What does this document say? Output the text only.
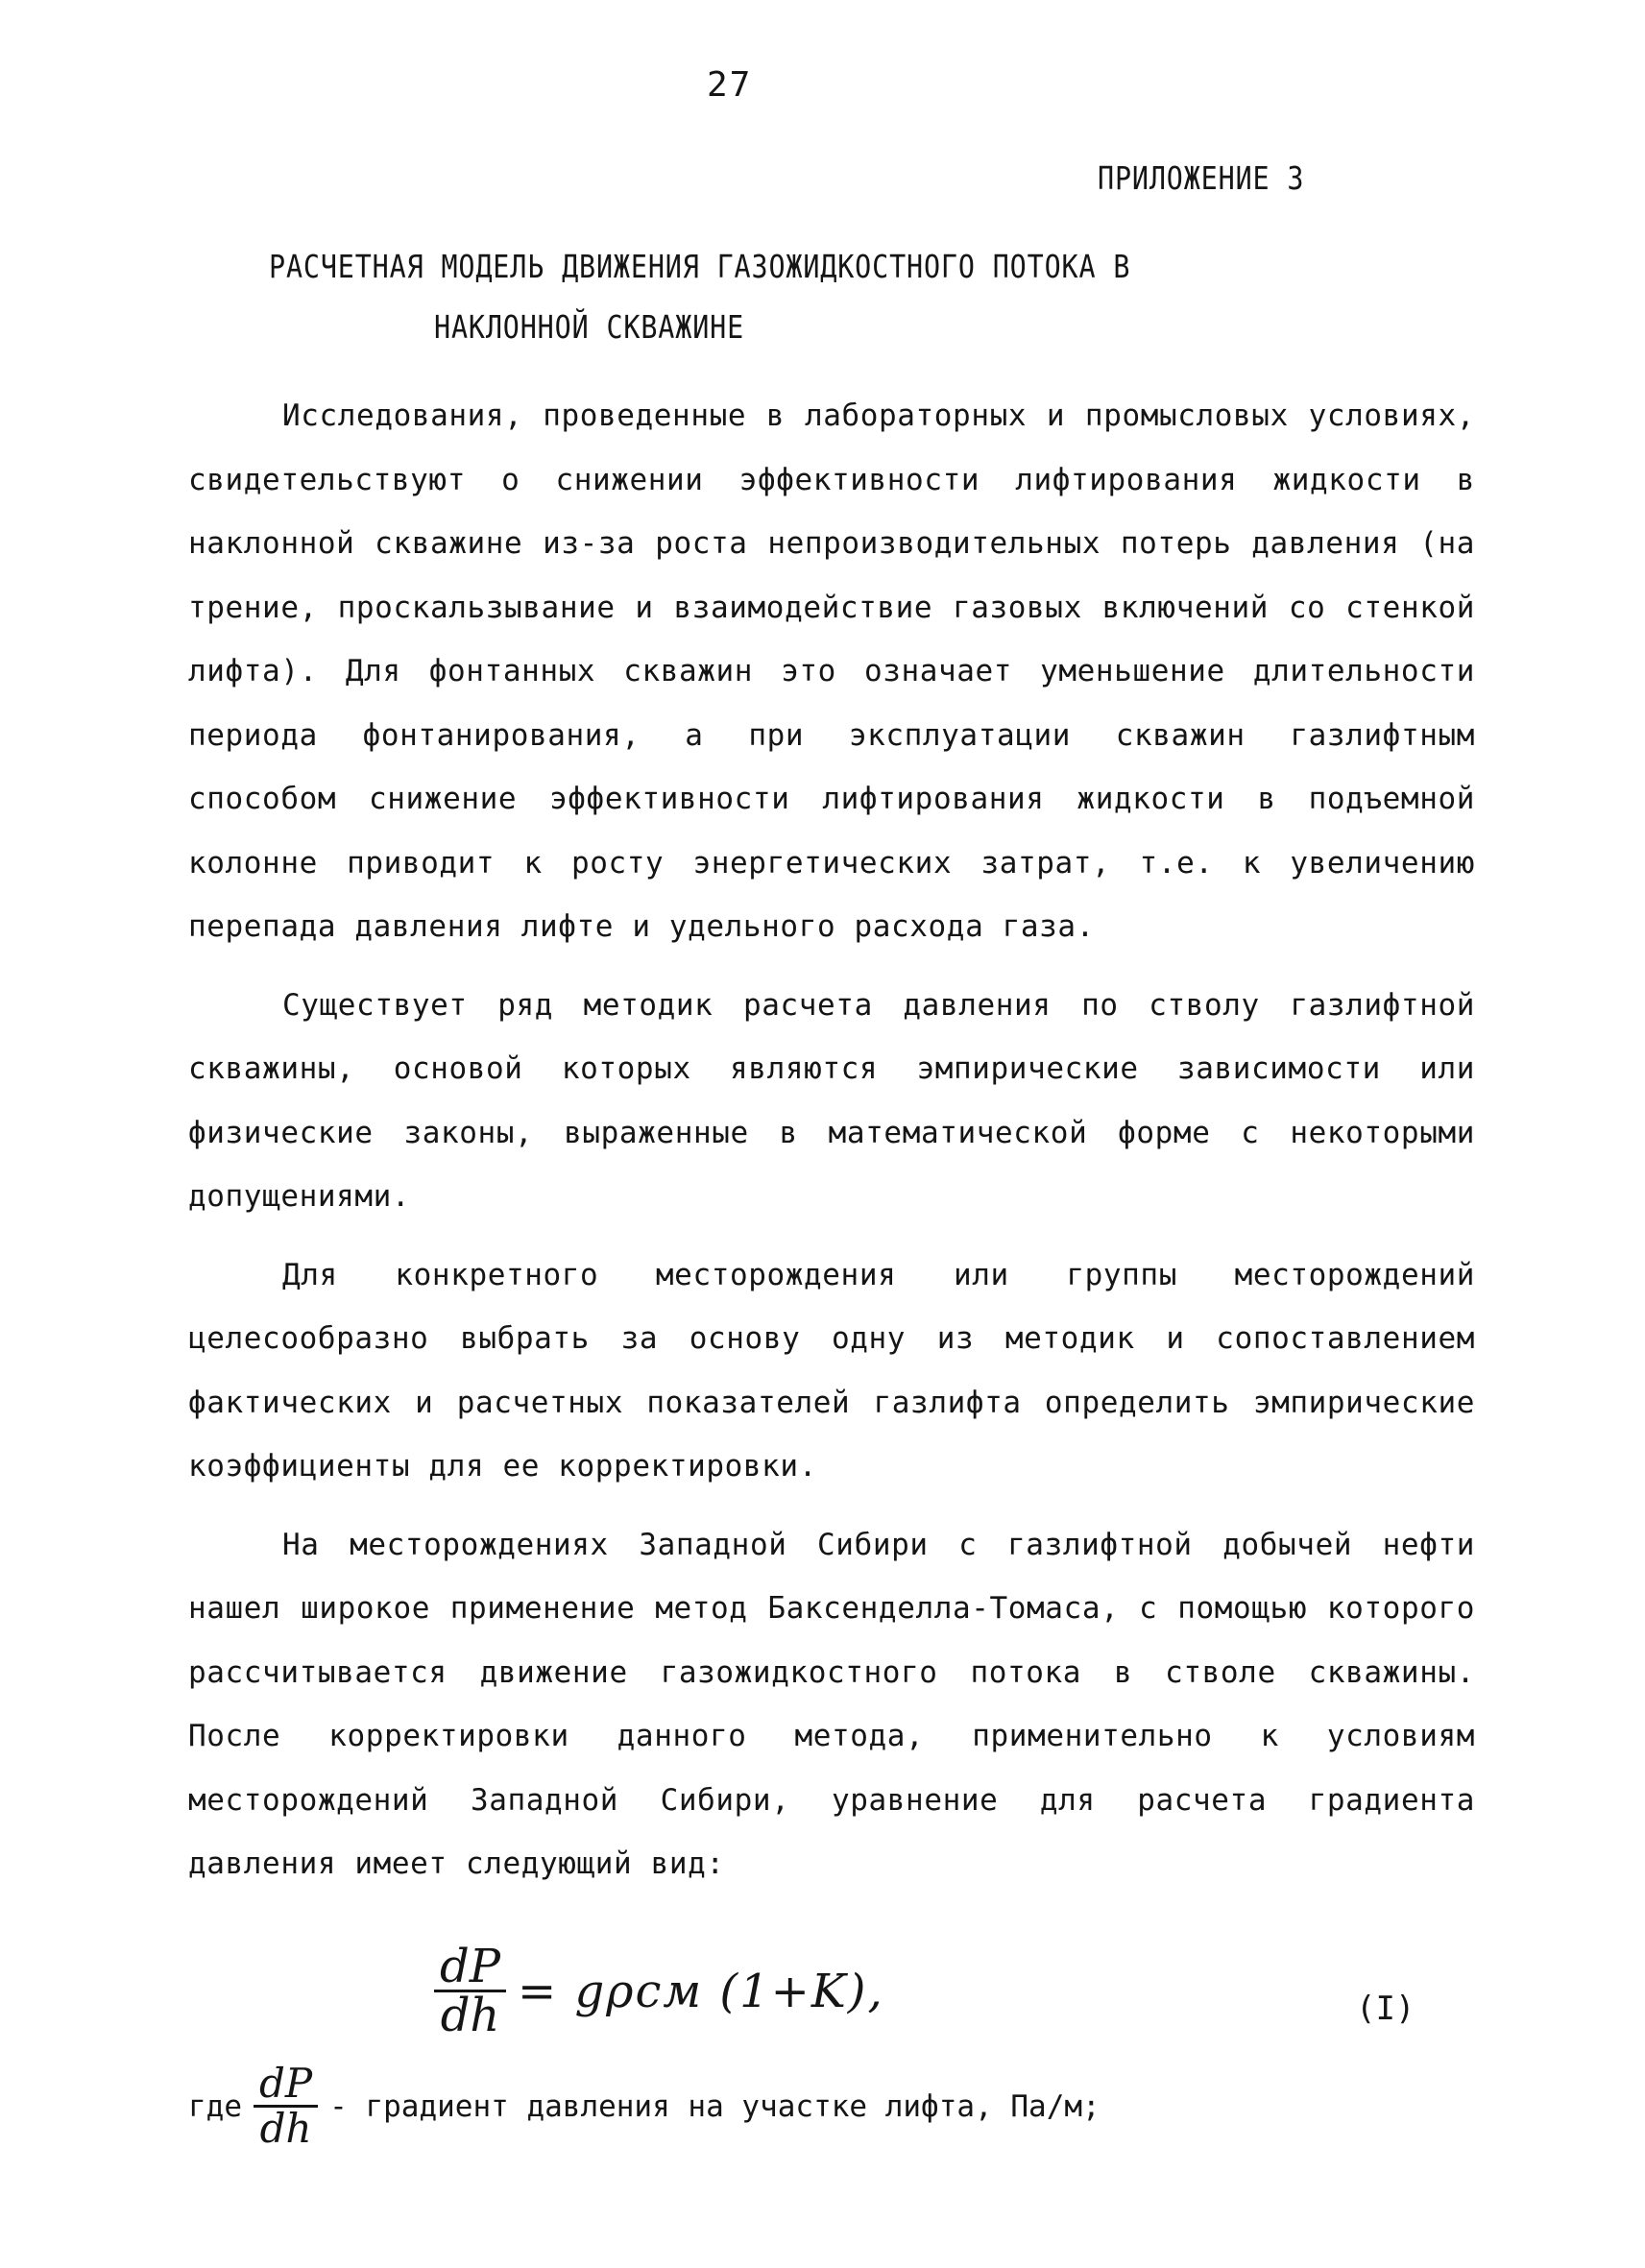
27
ПРИЛОЖЕНИЕ 3
РАСЧЕТНАЯ МОДЕЛЬ ДВИЖЕНИЯ ГАЗОЖИДКОСТНОГО ПОТОКА В
НАКЛОННОЙ СКВАЖИНЕ

Исследования, проведенные в лабораторных и промысловых условиях, свидетельствуют о снижении эффективности лифтирования жидкости в наклонной скважине из-за роста непроизводительных потерь давления (на трение, проскальзывание и взаимодействие газовых включений со стенкой лифта). Для фонтанных скважин это означает уменьшение длительности периода фонтанирования, а при эксплуатации скважин газлифтным способом снижение эффективности лифтирования жидкости в подъемной колонне приводит к росту энергетических затрат, т.е. к увеличению перепада давления лифте и удельного расхода газа.

Существует ряд методик расчета давления по стволу газлифтной скважины, основой которых являются эмпирические зависимости или физические законы, выраженные в математической форме с некоторыми допущениями.

Для конкретного месторождения или группы месторождений целесообразно выбрать за основу одну из методик и сопоставлением фактических и расчетных показателей газлифта определить эмпирические коэффициенты для ее корректировки.

На месторождениях Западной Сибири с газлифтной добычей нефти нашел широкое применение метод Баксенделла-Томаса, с помощью которого рассчитывается движение газожидкостного потока в стволе скважины. После корректировки данного метода, применительно к условиям месторождений Западной Сибири, уравнение для расчета градиента давления имеет следующий вид:

$\frac{dP}{dh} = g\rho см$ (1+K),	(I)
где $\frac{dP}{dh}$ - градиент давления на участке лифта, Па/м;
